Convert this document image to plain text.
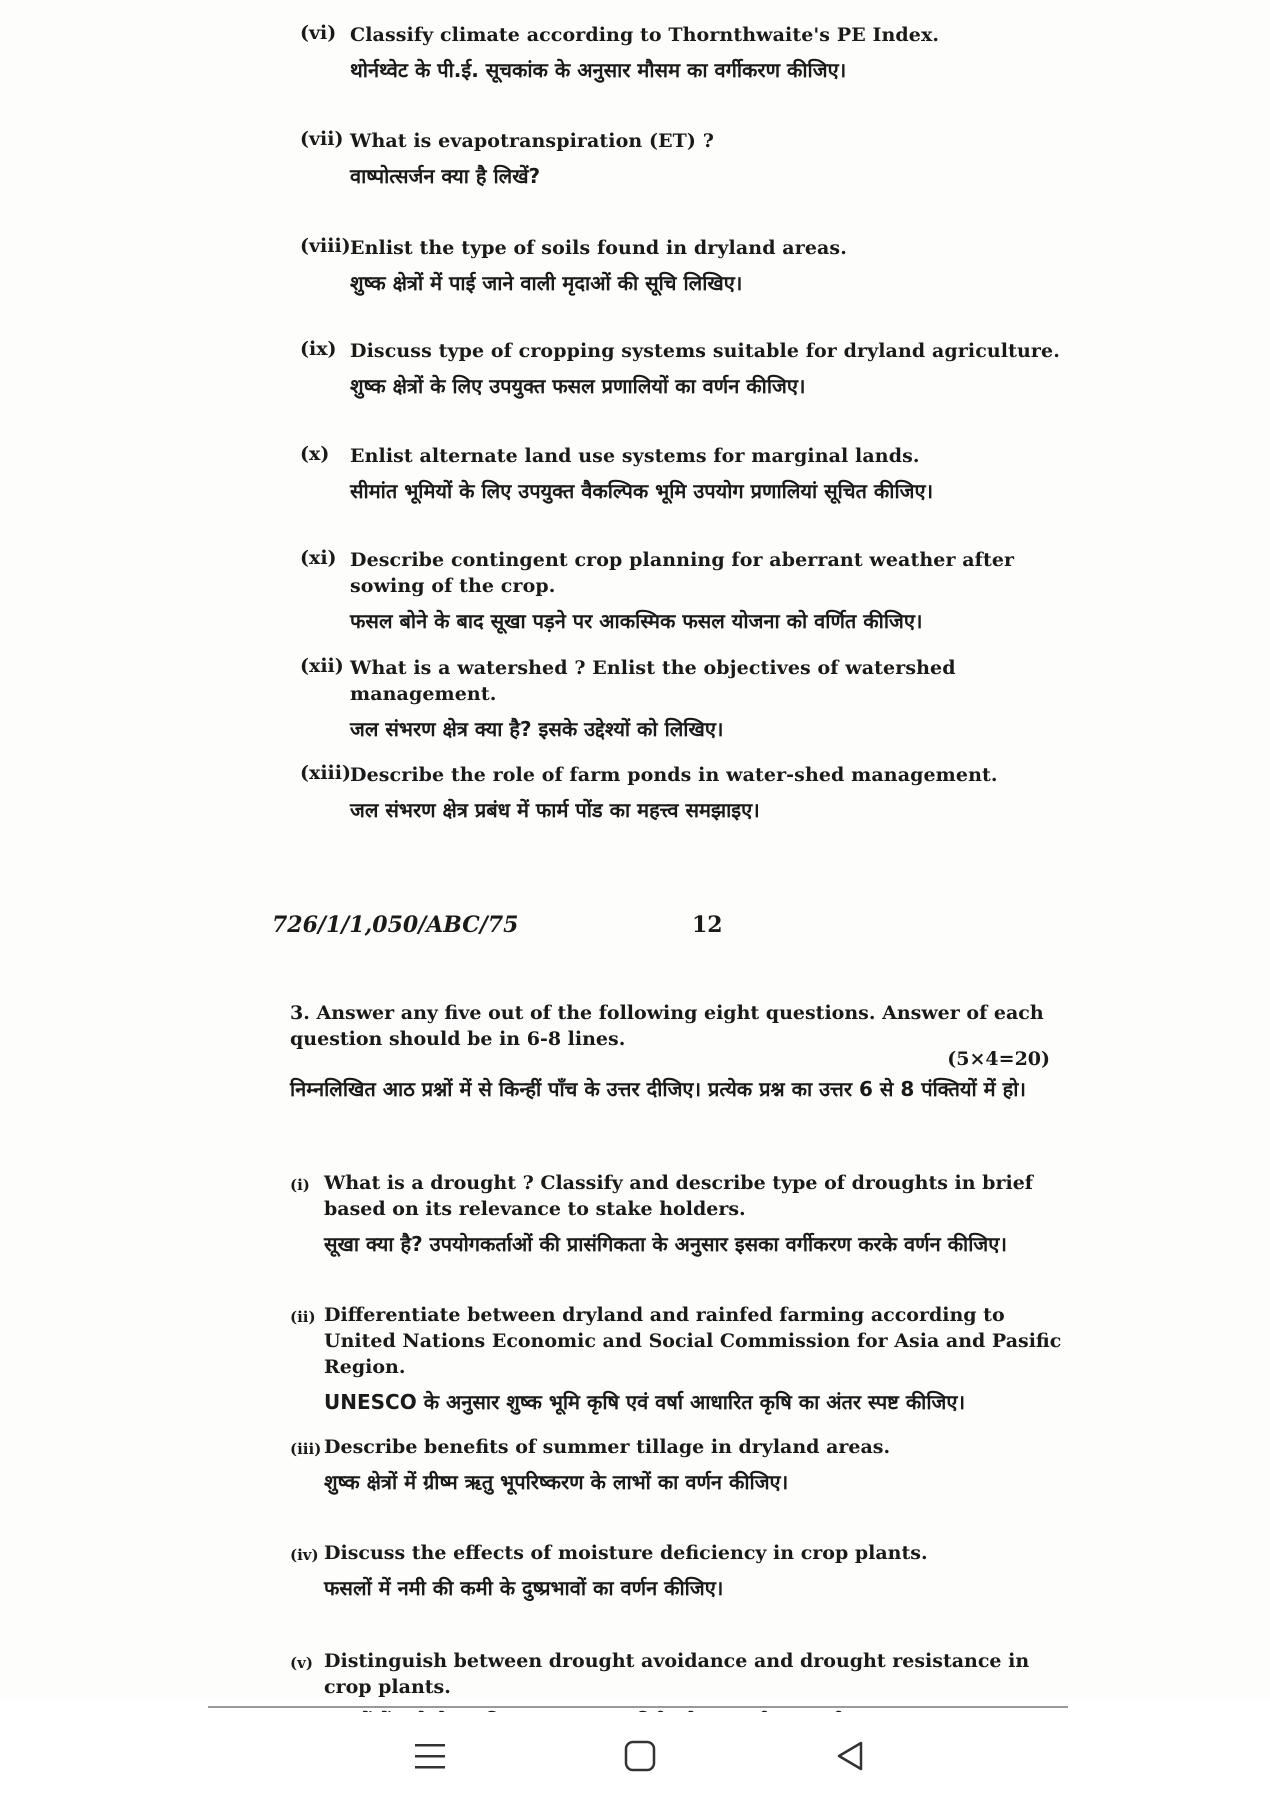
(vi) Classify climate according to Thornthwaite's PE Index.
थोर्नथ्वेट के पी.ई. सूचकांक के अनुसार मौसम का वर्गीकरण कीजिए।
(vii) What is evapotranspiration (ET) ?
वाष्पोत्सर्जन क्या है लिखें?
(viii) Enlist the type of soils found in dryland areas.
शुष्क क्षेत्रों में पाई जाने वाली मृदाओं की सूचि लिखिए।
(ix) Discuss type of cropping systems suitable for dryland agriculture.
शुष्क क्षेत्रों के लिए उपयुक्त फसल प्रणालियों का वर्णन कीजिए।
(x) Enlist alternate land use systems for marginal lands.
सीमांत भूमियों के लिए उपयुक्त वैकल्पिक भूमि उपयोग प्रणालियां सूचित कीजिए।
(xi) Describe contingent crop planning for aberrant weather after sowing of the crop.
फसल बोने के बाद सूखा पड़ने पर आकस्मिक फसल योजना को वर्णित कीजिए।
(xii) What is a watershed ? Enlist the objectives of watershed management.
जल संभरण क्षेत्र क्या है? इसके उद्देश्यों को लिखिए।
(xiii) Describe the role of farm ponds in water-shed management.
जल संभरण क्षेत्र प्रबंध में फार्म पोंड का महत्त्व समझाइए।
726/1/1,050/ABC/75	12
3. Answer any five out of the following eight questions. Answer of each question should be in 6-8 lines.
(5×4=20)
निम्नलिखित आठ प्रश्नों में से किन्हीं पाँच के उत्तर दीजिए। प्रत्येक प्रश्न का उत्तर 6 से 8 पंक्तियों में हो।
(i) What is a drought ? Classify and describe type of droughts in brief based on its relevance to stake holders.
सूखा क्या है? उपयोगकर्ताओं की प्रासंगिकता के अनुसार इसका वर्गीकरण करके वर्णन कीजिए।
(ii) Differentiate between dryland and rainfed farming according to United Nations Economic and Social Commission for Asia and Pasific Region.
UNESCO के अनुसार शुष्क भूमि कृषि एवं वर्षा आधारित कृषि का अंतर स्पष्ट कीजिए।
(iii) Describe benefits of summer tillage in dryland areas.
शुष्क क्षेत्रों में ग्रीष्म ऋतु भूपरिष्करण के लाभों का वर्णन कीजिए।
(iv) Discuss the effects of moisture deficiency in crop plants.
फसलों में नमी की कमी के दुष्प्रभावों का वर्णन कीजिए।
(v) Distinguish between drought avoidance and drought resistance in crop plants.
